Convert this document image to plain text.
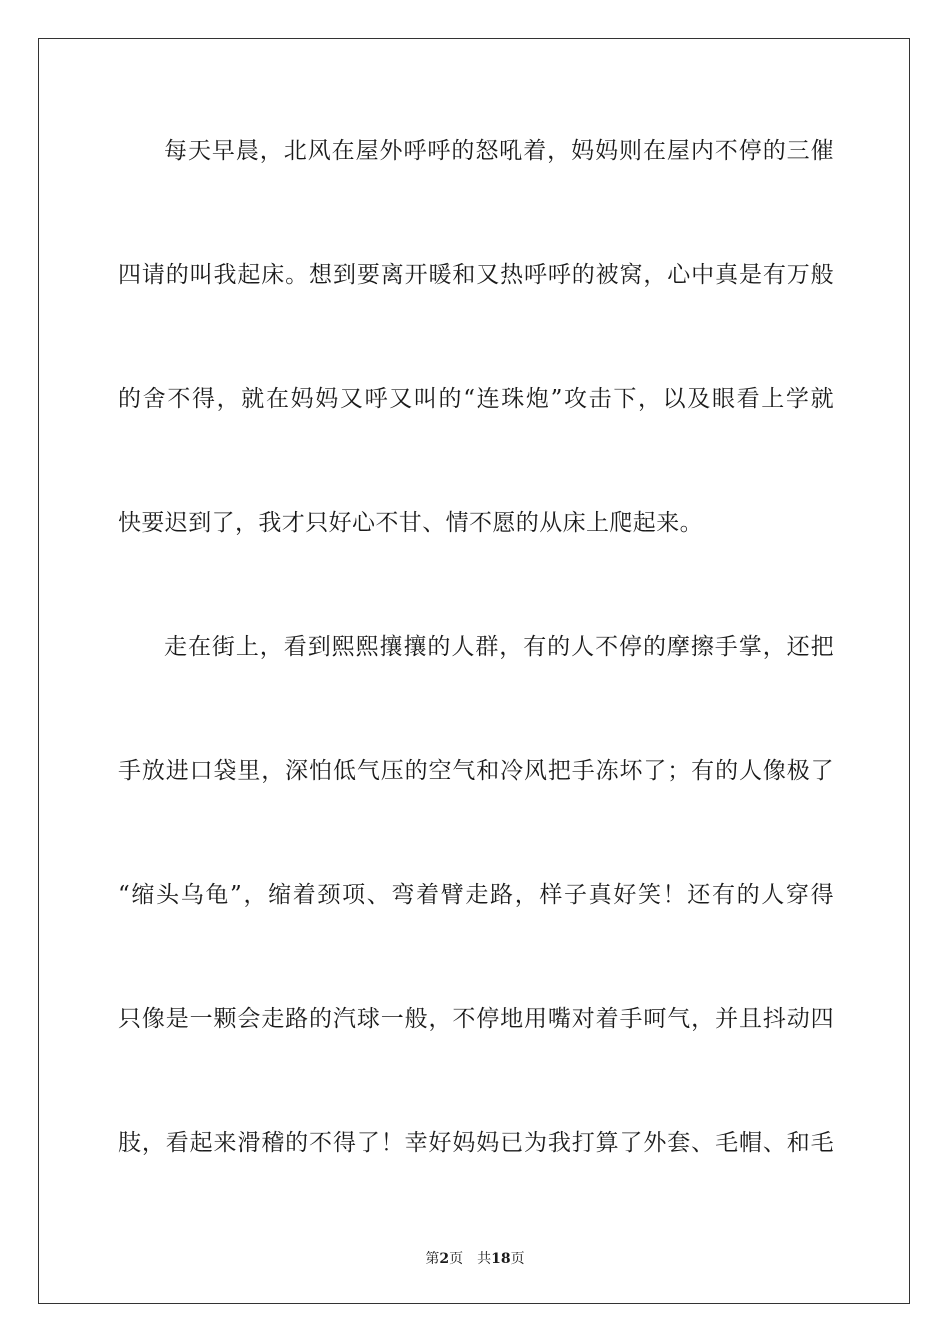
每天早晨，北风在屋外呼呼的怒吼着，妈妈则在屋内不停的三催
四请的叫我起床。想到要离开暖和又热呼呼的被窝，心中真是有万般
的舍不得，就在妈妈又呼又叫的“连珠炮”攻击下，以及眼看上学就
快要迟到了，我才只好心不甘、情不愿的从床上爬起来。
走在街上，看到熙熙攘攘的人群，有的人不停的摩擦手掌，还把
手放进口袋里，深怕低气压的空气和冷风把手冻坏了；有的人像极了
“缩头乌龟”，缩着颈项、弯着臂走路，样子真好笑！还有的人穿得
只像是一颗会走路的汽球一般，不停地用嘴对着手呵气，并且抖动四
肢，看起来滑稽的不得了！幸好妈妈已为我打算了外套、毛帽、和毛
第2页 共18页
